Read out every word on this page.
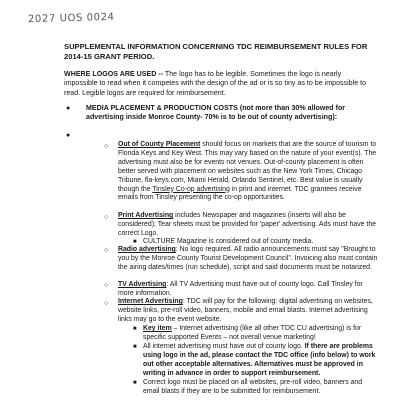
2027 UOS 0024
SUPPLEMENTAL INFORMATION CONCERNING TDC REIMBURSEMENT RULES FOR 2014-15 GRANT PERIOD.
WHERE LOGOS ARE USED -- The logo has to be legible. Sometimes the logo is nearly impossible to read when it competes with the design of the ad or is so tiny as to be impossible to read. Legible logos are required for reimbursement.
● MEDIA PLACEMENT & PRODUCTION COSTS (not more than 30% allowed for advertising inside Monroe County- 70% is to be out of county advertising):
●
○ Out of County Placement should focus on markets that are the source of tourism to Florida Keys and Key West. This may vary based on the nature of your event(s). The advertising must also be for events not venues. Out-of-county placement is often better served with placement on websites such as the New York Times, Chicago Tribune, fla-keys.com, Miami Herald, Orlando Sentinel, etc. Best value is usually though the Tinsley Co-op advertising in print and internet. TDC grantees receive emails from Tinsley presenting the co-op opportunities.
○ Print Advertising includes Newspaper and magazines (inserts will also be considered); Tear sheets must be provided for 'paper' advertising. Ads must have the correct Logo.
■ CULTURE Magazine is considered out of county media.
○ Radio advertising: No logo required. All radio announcements must say "Brought to you by the Monroe County Tourist Development Council". Invoicing also must contain the airing dates/times (run schedule), script and said documents must be notarized.
○ TV Advertising: All TV Advertising must have out of county logo. Call Tinsley for more information.
○ Internet Advertising: TDC will pay for the following: digital advertising on websites, website links, pre-roll video, banners, mobile and email blasts. Internet advertising links may go to the event website.
■ Key item – Internet advertising (like all other TDC CU advertising) is for specific supported Events – not overall venue marketing!
■ All internet advertising must have out of county logo. If there are problems using logo in the ad, please contact the TDC office (info below) to work out other acceptable alternatives. Alternatives must be approved in writing in advance in order to support reimbursement.
■ Correct logo must be placed on all websites, pre-roll video, banners and email blasts if they are to be submitted for reimbursement.
